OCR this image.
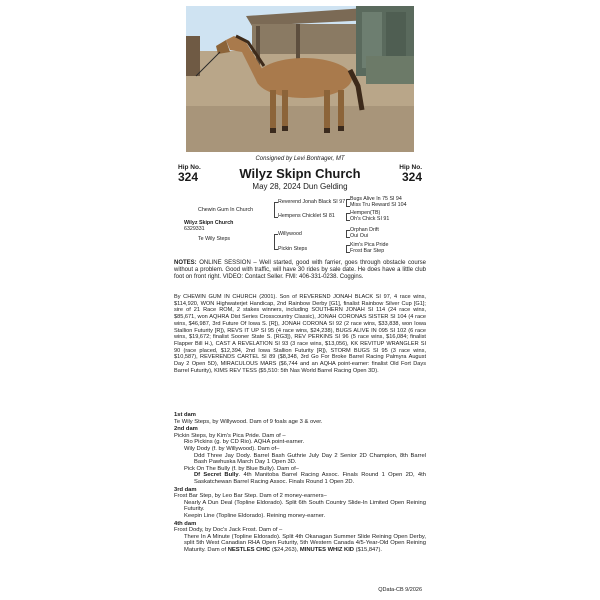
Consigned by Levi Bontrager, MT
Hip No.
324
Hip No.
324
Wilyz Skipn Church
May 28, 2024 Dun Gelding
Bugs Alive In 75 SI 94
Miss Tru Reward SI 104
Reverend Jonah Black SI 97
Chewin Gum In Church	Hempen(TB)
Oh's Chick SI 91
Hempens Chicklet SI 81
Wilyz Skipn Church
6329331	Orphan Drift
Oui Oui
Willywood
Te Wily Steps
Kim's Pica Pride
Frost Bar Step
Pickin Steps
NOTES: ONLINE SESSION – Well started, good with farrier, goes through obstacle course without a problem. Good with traffic, will have 30 rides by sale date. He does have a little club foot on front right. VIDEO: Contact Seller. FMI: 406-331-0238. Coggins.
By CHEWIN GUM IN CHURCH (2001). Son of REVEREND JONAH BLACK SI 97, 4 race wins, $114,920, WON Highwaterjet Handicap, 2nd Rainbow Derby [G1], finalist Rainbow Silver Cup [G1]; sire of 21 Race ROM, 2 stakes winners, including SOUTHERN JONAH SI 114 (24 race wins, $85,671, won AQHRA Dist Series Crosscountry Classic), JONAH CORONAS SISTER SI 104 (4 race wins, $46,987, 3rd Future Of Iowa S. [R]), JONAH CORONA SI 92 (2 race wins, $33,838, won Iowa Stallion Futurity [R]), REVS IT UP SI 95 (4 race wins, $24,238), BUGS ALIVE IN 095 SI 102 (6 race wins, $19,672; finalist Sooner State S. [RG3]), REV PERKINS SI 96 (5 race wins, $16,084; finalist Flapper Bill H.), CAST A REVELATION SI 93 (3 race wins, $13,056), KK REVITUP WRANGLER SI 90 (race placed, $12,394, 2nd Iowa Stallion Futurity [R]), STORM BUGS SI 95 (3 race wins, $10,587), REVERENDS CARTEL SI 89 ($8,348, 3rd Go For Broke Barrel Racing Palmyra August Day 2 Open 5D), MIRACULOUS MARS ($6,744 and an AQHA point-earner: finalist Old Fort Days Barrel Futurity), KIMS REV TESS ($5,510: 5th Nas World Barrel Racing Open 3D).
1st dam
Te Wily Steps, by Willywood. Dam of 9 foals age 3 & over.
2nd dam
Pickin Steps, by Kim's Pica Pride. Dam of –
Rio Pickins (g. by CD Rio). AQHA point-earner.
Wily Dody (f. by Willywood). Dam of–
Ddd Three Jay Dody. Barrel Bash Guthrie July Day 2 Senior 2D Champion, 8th Barrel Bash Pawhuska March Day 1 Open 3D.
Pick On The Bully (f. by Blue Bully). Dam of–
Df Secret Bully. 4th Manitoba Barrel Racing Assoc. Finals Round 1 Open 2D, 4th Saskatchewan Barrel Racing Assoc. Finals Round 1 Open 2D.
3rd dam
Frost Bar Step, by Leo Bar Step. Dam of 2 money-earners–
Nearly A Dun Deal (Topline Eldorado). Split 6th South Country Slide-In Limited Open Reining Futurity.
Keepin Line (Topline Eldorado). Reining money-earner.
4th dam
Frost Dody, by Doc's Jack Frost. Dam of –
There In A Minute (Topline Eldorado). Split 4th Okanagan Summer Slide Reining Open Derby, split 5th West Canadian RHA Open Futurity, 5th Western Canada 4/5-Year-Old Open Reining Maturity. Dam of NESTLES CHIC ($24,263), MINUTES WHIZ KID ($15,847).
QData-CB 9/2026
